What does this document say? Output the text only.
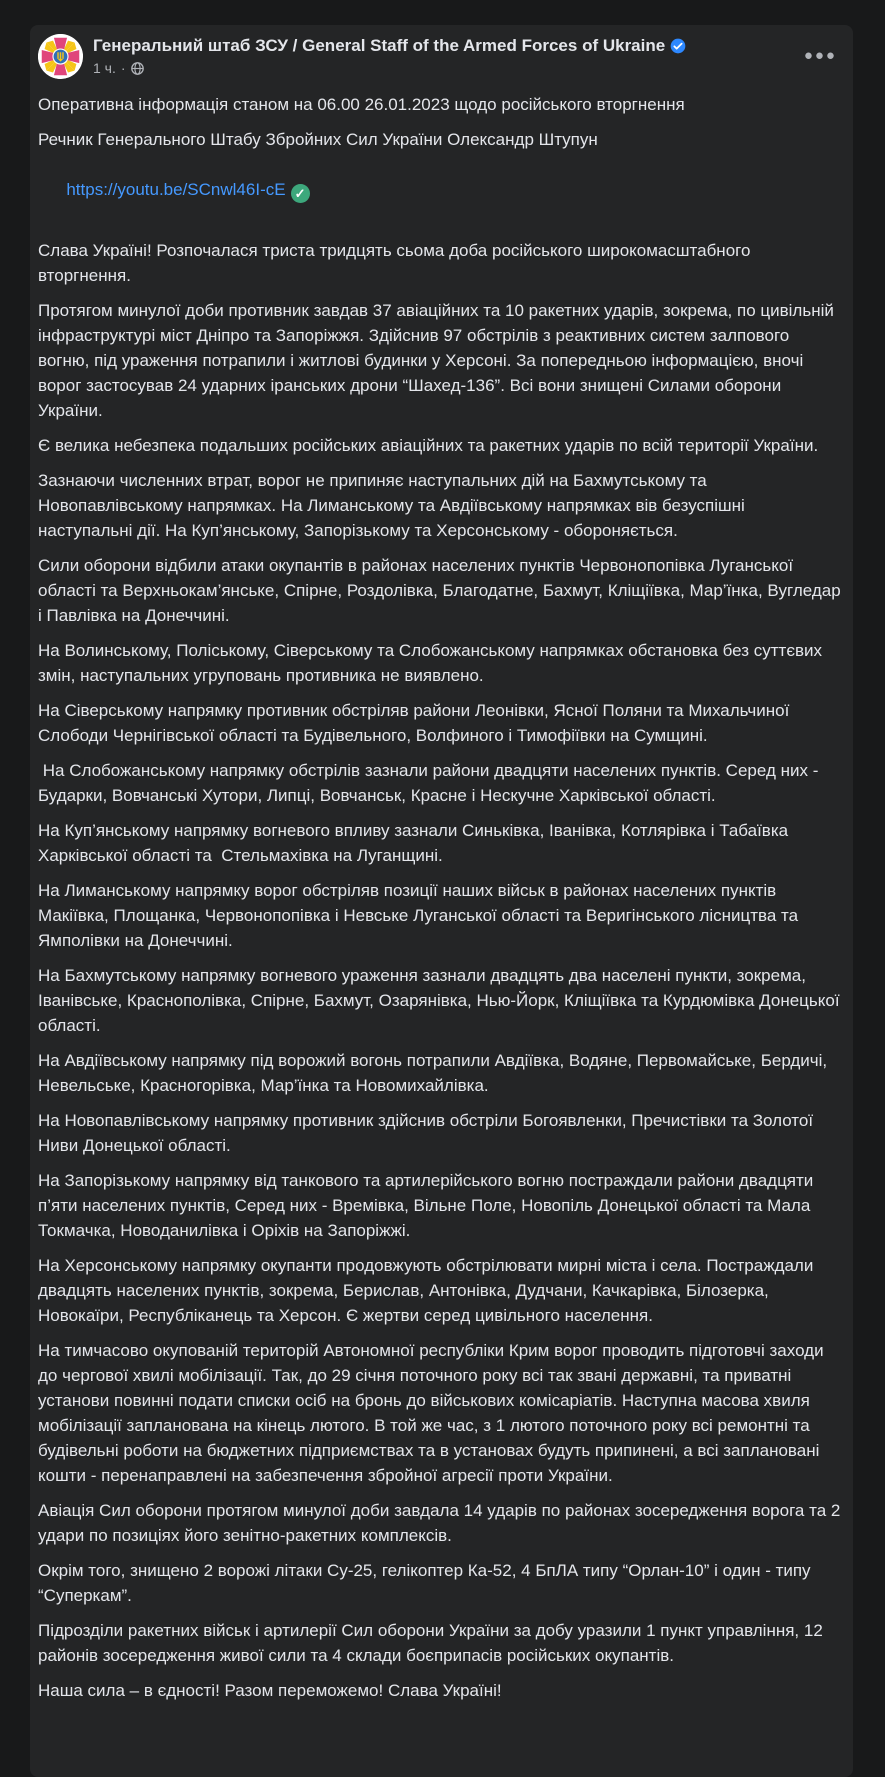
Генеральний штаб ЗСУ / General Staff of the Armed Forces of Ukraine
1 ч. ·
●●●

Оперативна інформація станом на 06.00 26.01.2023 щодо російського вторгнення

Речник Генерального Штабу Збройних Сил України Олександр Штупун

https://youtu.be/SCnwl46I-cE ✓

Слава Україні! Розпочалася триста тридцять сьома доба російського широкомасштабного вторгнення.

Протягом минулої доби противник завдав 37 авіаційних та 10 ракетних ударів, зокрема, по цивільній інфраструктурі міст Дніпро та Запоріжжя. Здійснив 97 обстрілів з реактивних систем залпового вогню, під ураження потрапили і житлові будинки у Херсоні. За попередньою інформацією, вночі ворог застосував 24 ударних іранських дрони “Шахед-136”. Всі вони знищені Силами оборони України.

Є велика небезпека подальших російських авіаційних та ракетних ударів по всій території України.

Зазнаючи численних втрат, ворог не припиняє наступальних дій на Бахмутському та Новопавлівському напрямках. На Лиманському та Авдіївському напрямках вів безуспішні наступальні дії. На Куп’янському, Запорізькому та Херсонському - обороняється.

Сили оборони відбили атаки окупантів в районах населених пунктів Червонопопівка Луганської області та Верхньокам’янське, Спірне, Роздолівка, Благодатне, Бахмут, Кліщіївка, Мар’їнка, Вугледар і Павлівка на Донеччині.

На Волинському, Поліському, Сіверському та Слобожанському напрямках обстановка без суттєвих змін, наступальних угруповань противника не виявлено.

На Сіверському напрямку противник обстріляв райони Леонівки, Ясної Поляни та Михальчиної Слободи Чернігівської області та Будівельного, Волфиного і Тимофіївки на Сумщині.

На Слобожанському напрямку обстрілів зазнали райони двадцяти населених пунктів. Серед них - Бударки, Вовчанські Хутори, Липці, Вовчанськ, Красне і Нескучне Харківської області.

На Куп’янському напрямку вогневого впливу зазнали Синьківка, Іванівка, Котлярівка і Табаївка Харківської області та  Стельмахівка на Луганщині.

На Лиманському напрямку ворог обстріляв позиції наших військ в районах населених пунктів Макіївка, Площанка, Червонопопівка і Невське Луганської області та Веригінського лісництва та Ямполівки на Донеччині.

На Бахмутському напрямку вогневого ураження зазнали двадцять два населені пункти, зокрема, Іванівське, Краснополівка, Спірне, Бахмут, Озарянівка, Нью-Йорк, Кліщіївка та Курдюмівка Донецької області.

На Авдіївському напрямку під ворожий вогонь потрапили Авдіївка, Водяне, Первомайське, Бердичі, Невельське, Красногорівка, Мар’їнка та Новомихайлівка.

На Новопавлівському напрямку противник здійснив обстріли Богоявленки, Пречистівки та Золотої Ниви Донецької області.

На Запорізькому напрямку від танкового та артилерійського вогню постраждали райони двадцяти п’яти населених пунктів, Серед них - Времівка, Вільне Поле, Новопіль Донецької області та Мала Токмачка, Новоданилівка і Оріхів на Запоріжжі.

На Херсонському напрямку окупанти продовжують обстрілювати мирні міста і села. Постраждали двадцять населених пунктів, зокрема, Берислав, Антонівка, Дудчани, Качкарівка, Білозерка, Новокаїри, Республіканець та Херсон. Є жертви серед цивільного населення.

На тимчасово окупованій територій Автономної республіки Крим ворог проводить підготовчі заходи до чергової хвилі мобілізації. Так, до 29 січня поточного року всі так звані державні, та приватні установи повинні подати списки осіб на бронь до військових комісаріатів. Наступна масова хвиля мобілізації запланована на кінець лютого. В той же час, з 1 лютого поточного року всі ремонтні та будівельні роботи на бюджетних підприємствах та в установах будуть припинені, а всі заплановані кошти - перенаправлені на забезпечення збройної агресії проти України.

Авіація Сил оборони протягом минулої доби завдала 14 ударів по районах зосередження ворога та 2 удари по позиціях його зенітно-ракетних комплексів.

Окрім того, знищено 2 ворожі літаки Су-25, гелікоптер Ка-52, 4 БпЛА типу “Орлан-10” і один - типу “Суперкам”.

Підрозділи ракетних військ і артилерії Сил оборони України за добу уразили 1 пункт управління, 12 районів зосередження живої сили та 4 склади боєприпасів російських окупантів.

Наша сила – в єдності! Разом переможемо! Слава Україні!
